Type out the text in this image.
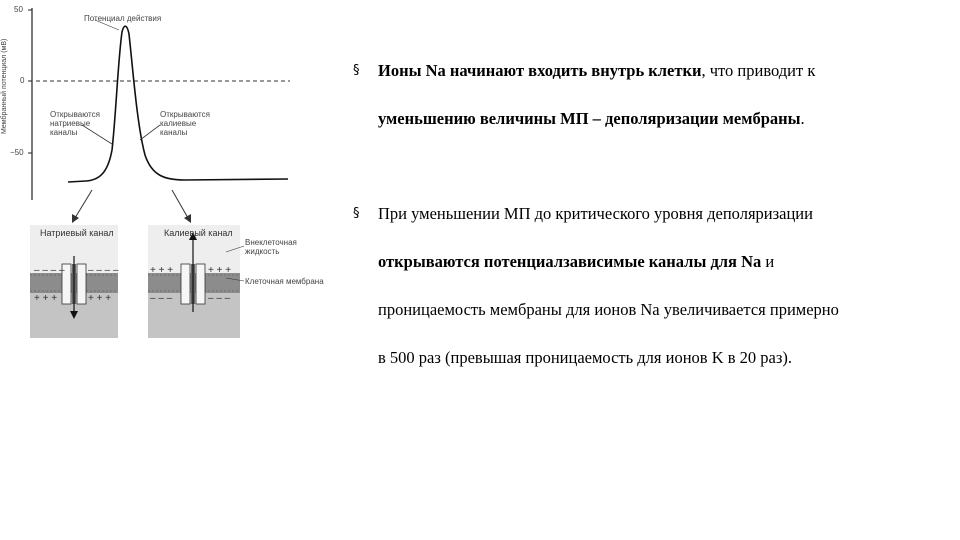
Мембранный потенциал (мВ)
50
0
−50
Потенциал действия
Открываются
натриевые
каналы
Открываются
калиевые
каналы
Натриевый канал	Калиевый канал
Внеклеточная
жидкость
Клеточная мембрана
– – – – – – – –
+ + +	+ + +
+ + +	+ + +
– – –	– – –
§ Ионы Na начинают входить внутрь клетки, что приводит к
уменьшению величины МП – деполяризации мембраны.
§ При уменьшении МП до критического уровня деполяризации
открываются потенциалзависимые каналы для Na и
проницаемость мембраны для ионов Na увеличивается примерно
в 500 раз (превышая проницаемость для ионов K в 20 раз).
